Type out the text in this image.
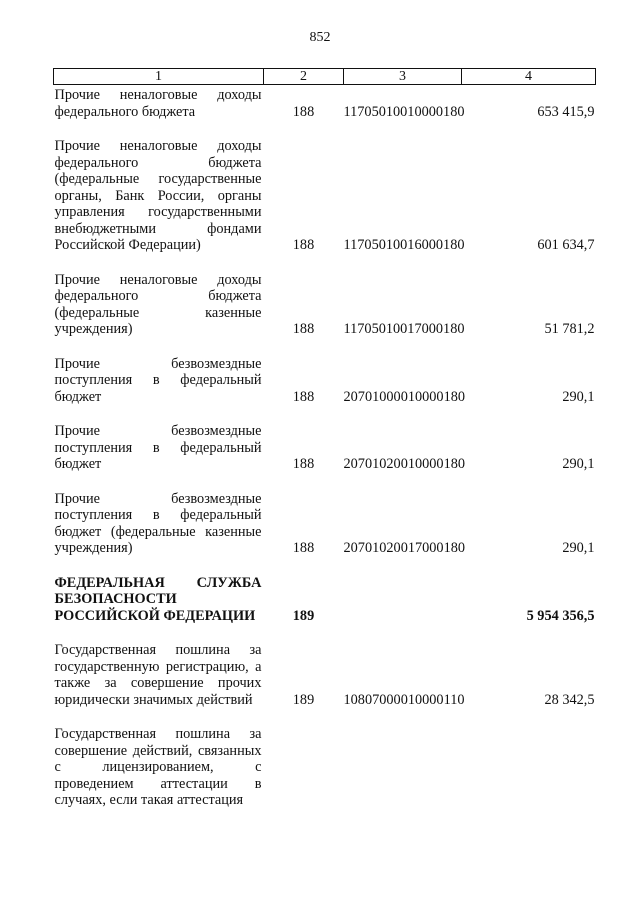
852
1	2	3	4
Прочие неналоговые доходы федерального бюджета	188	11705010010000180	653 415,9
Прочие неналоговые доходы федерального бюджета (федеральные государственные органы, Банк России, органы управления государственными внебюджетными фондами Российской Федерации)	188	11705010016000180	601 634,7
Прочие неналоговые доходы федерального бюджета (федеральные казенные учреждения)	188	11705010017000180	51 781,2
Прочие безвозмездные поступления в федеральный бюджет	188	20701000010000180	290,1
Прочие безвозмездные поступления в федеральный бюджет	188	20701020010000180	290,1
Прочие безвозмездные поступления в федеральный бюджет (федеральные казенные учреждения)	188	20701020017000180	290,1
ФЕДЕРАЛЬНАЯ СЛУЖБА БЕЗОПАСНОСТИ РОССИЙСКОЙ ФЕДЕРАЦИИ	189		5 954 356,5
Государственная пошлина за государственную регистрацию, а также за совершение прочих юридически значимых действий	189	10807000010000110	28 342,5
Государственная пошлина за совершение действий, связанных с лицензированием, с проведением аттестации в случаях, если такая аттестация			
